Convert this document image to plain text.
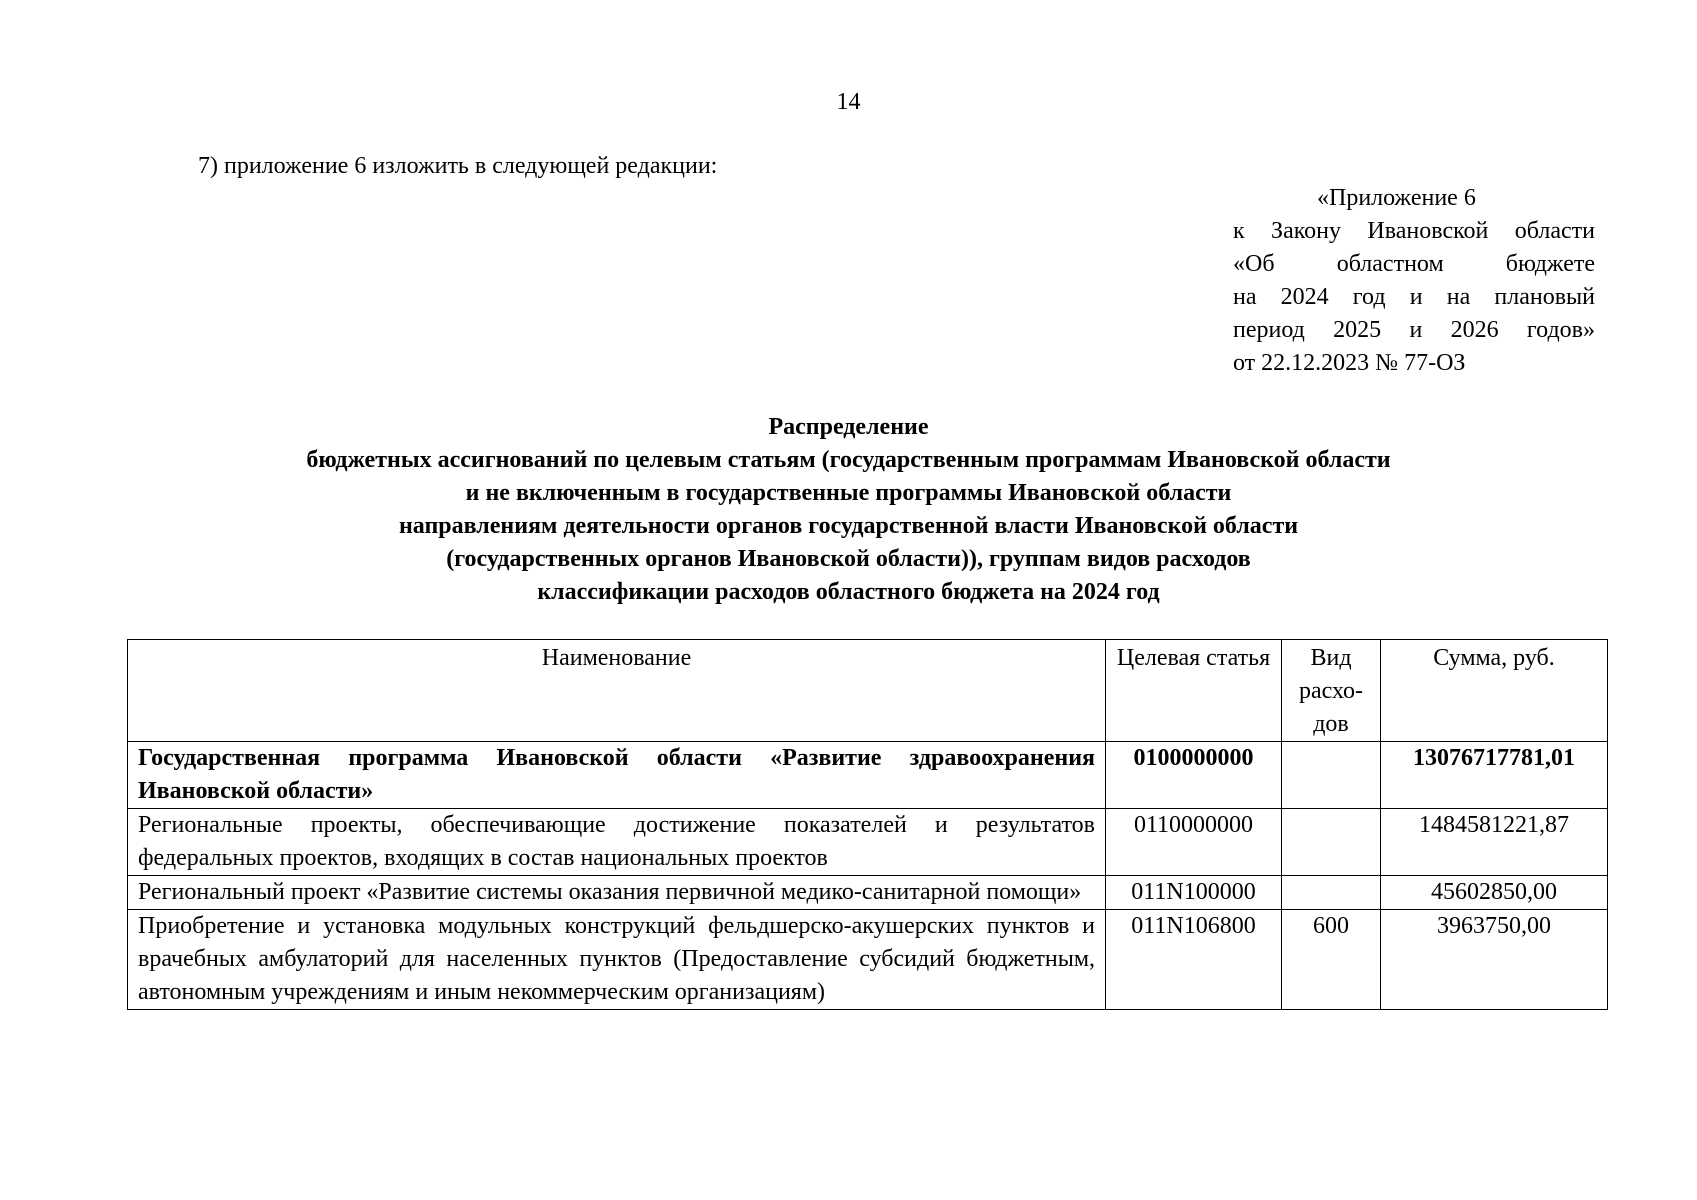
14
7) приложение 6 изложить в следующей редакции:
«Приложение 6
к Закону Ивановской области
«Об областном бюджете
на 2024 год и на плановый
период 2025 и 2026 годов»
от 22.12.2023 № 77-ОЗ
Распределение
бюджетных ассигнований по целевым статьям (государственным программам Ивановской области
и не включенным в государственные программы Ивановской области
направлениям деятельности органов государственной власти Ивановской области
(государственных органов Ивановской области)), группам видов расходов
классификации расходов областного бюджета на 2024 год
Наименование	Целевая статья	Вид расхо-дов	Сумма, руб.
Государственная программа Ивановской области «Развитие здравоохранения Ивановской области»	0100000000		13076717781,01
Региональные проекты, обеспечивающие достижение показателей и результатов федеральных проектов, входящих в состав национальных проектов	0110000000		1484581221,87
Региональный проект «Развитие системы оказания первичной медико-санитарной помощи»	011N100000		45602850,00
Приобретение и установка модульных конструкций фельдшерско-акушерских пунктов и врачебных амбулаторий для населенных пунктов (Предоставление субсидий бюджетным, автономным учреждениям и иным некоммерческим организациям)	011N106800	600	3963750,00
